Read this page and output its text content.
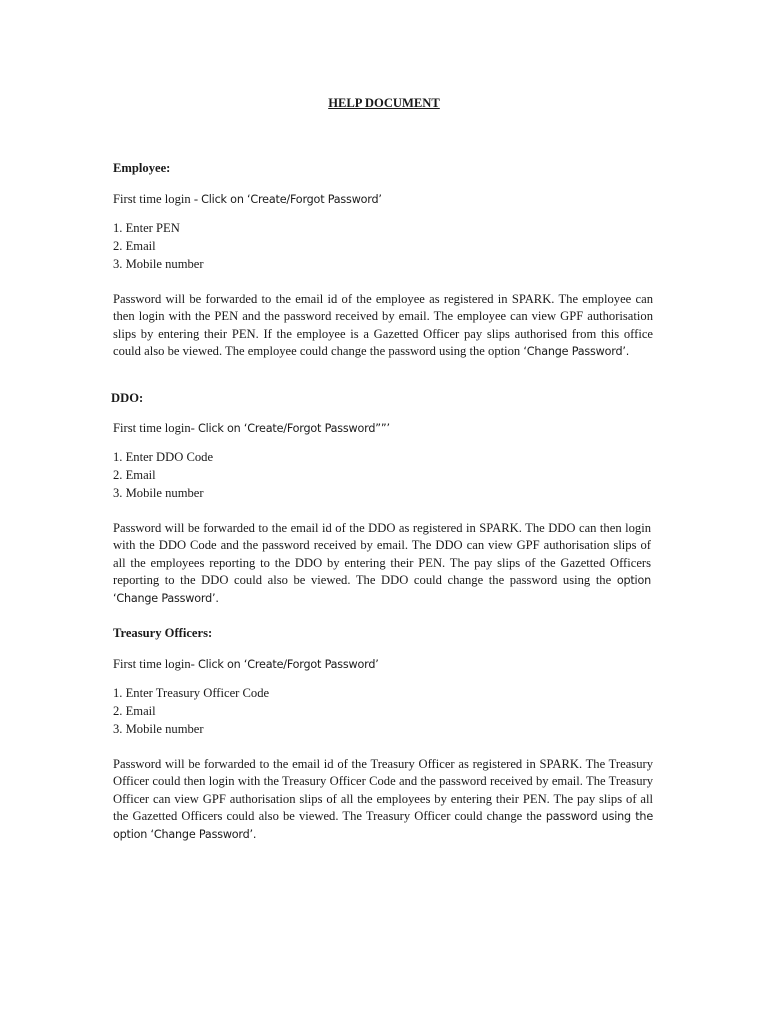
HELP DOCUMENT

Employee:

First time login - Click on ‘Create/Forgot Password’

1. Enter PEN
2. Email
3. Mobile number

Password will be forwarded to the email id of the employee as registered in SPARK. The employee can then login with the PEN and the password received by email. The employee can view GPF authorisation slips by entering their PEN. If the employee is a Gazetted Officer pay slips authorised from this office could also be viewed. The employee could change the password using the option ‘Change Password’.

DDO:

First time login- Click on ‘Create/Forgot Password””’

1. Enter DDO Code
2. Email
3. Mobile number

Password will be forwarded to the email id of the DDO as registered in SPARK. The DDO can then login with the DDO Code and the password received by email. The DDO can view GPF authorisation slips of all the employees reporting to the DDO by entering their PEN. The pay slips of the Gazetted Officers reporting to the DDO could also be viewed. The DDO could change the password using the option ‘Change Password’.

Treasury Officers:

First time login- Click on ‘Create/Forgot Password’

1. Enter Treasury Officer Code
2. Email
3. Mobile number

Password will be forwarded to the email id of the Treasury Officer as registered in SPARK. The Treasury Officer could then login with the Treasury Officer Code and the password received by email. The Treasury Officer can view GPF authorisation slips of all the employees by entering their PEN. The pay slips of all the Gazetted Officers could also be viewed. The Treasury Officer could change the password using the option ‘Change Password’.
